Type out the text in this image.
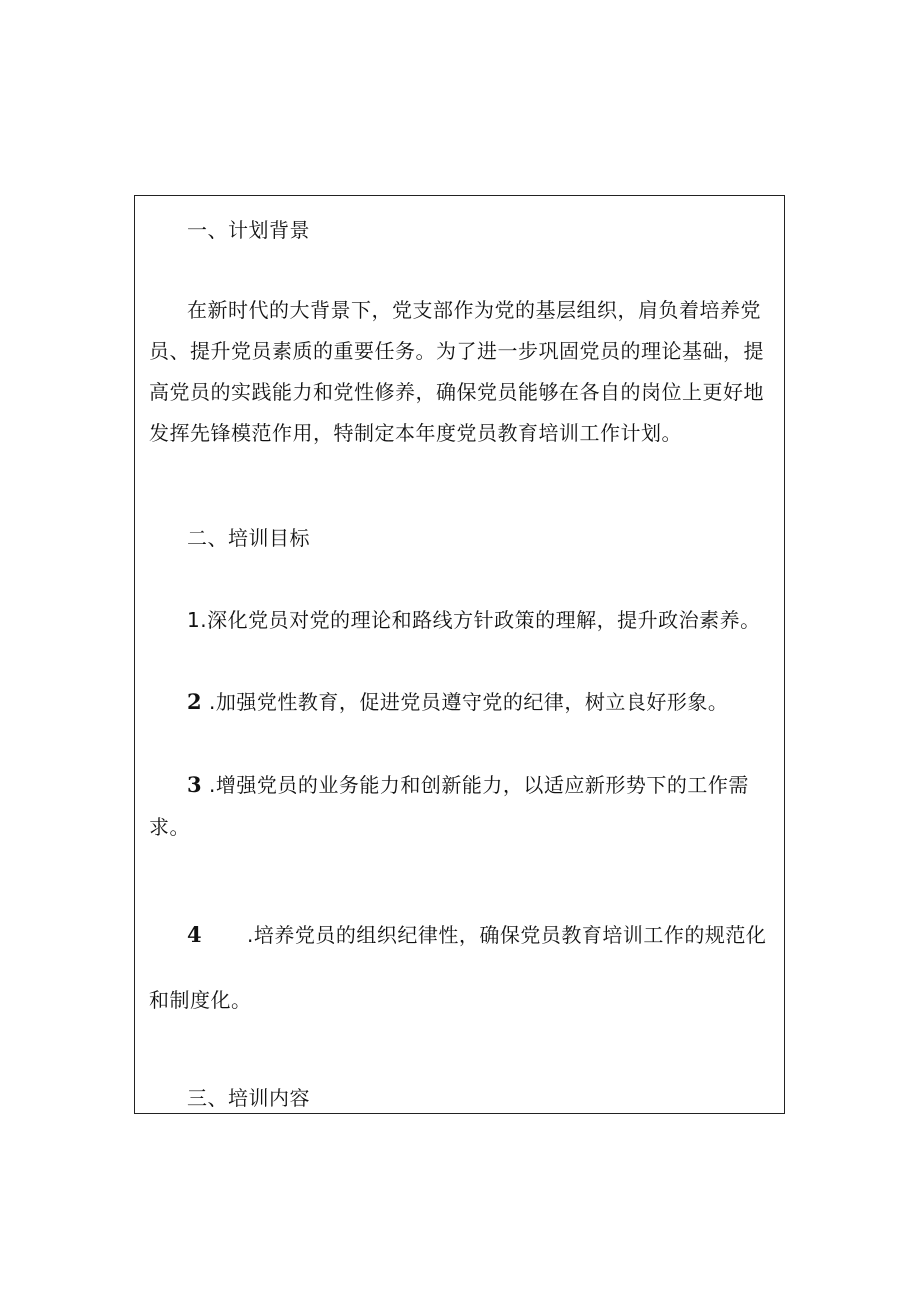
一、计划背景
在新时代的大背景下，党支部作为党的基层组织，肩负着培养党员、提升党员素质的重要任务。为了进一步巩固党员的理论基础，提高党员的实践能力和党性修养，确保党员能够在各自的岗位上更好地发挥先锋模范作用，特制定本年度党员教育培训工作计划。
二、培训目标
1.深化党员对党的理论和路线方针政策的理解，提升政治素养。
2 .加强党性教育，促进党员遵守党的纪律，树立良好形象。
3 .增强党员的业务能力和创新能力，以适应新形势下的工作需求。
4 .培养党员的组织纪律性，确保党员教育培训工作的规范化和制度化。
三、培训内容
